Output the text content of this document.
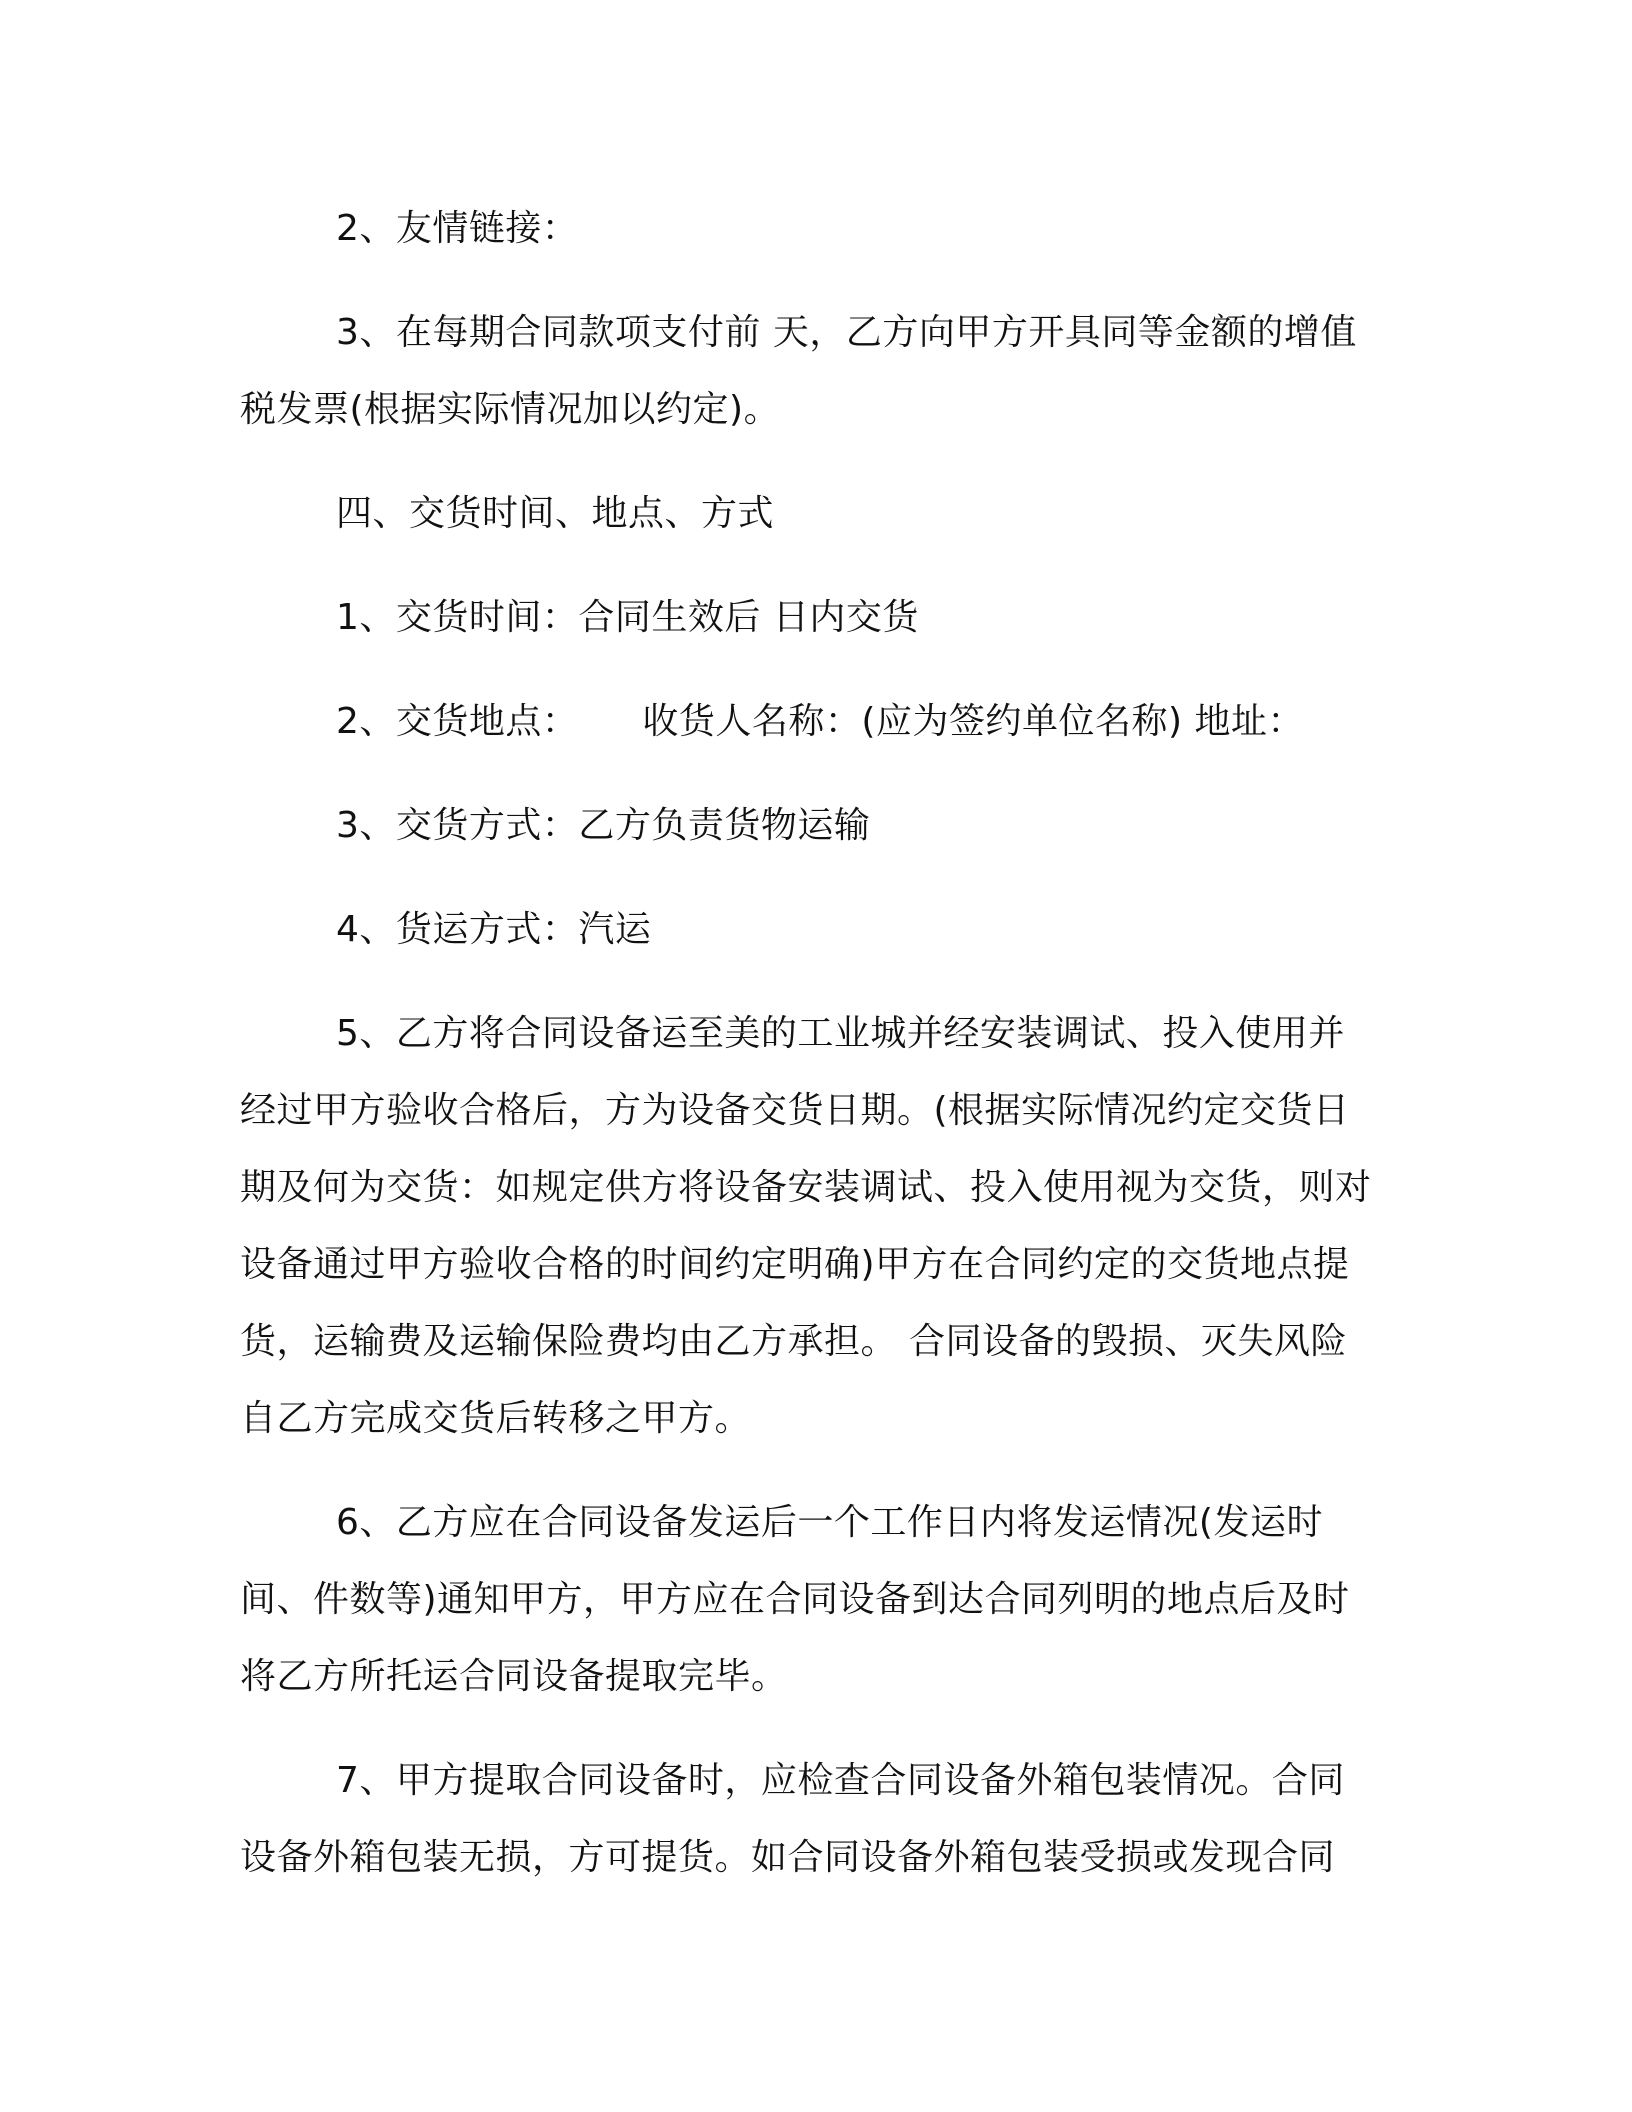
2、友情链接：

3、在每期合同款项支付前 天，乙方向甲方开具同等金额的增值税发票(根据实际情况加以约定)。

四、交货时间、地点、方式

1、交货时间：合同生效后 日内交货

2、交货地点： 收货人名称：(应为签约单位名称) 地址：

3、交货方式：乙方负责货物运输

4、货运方式：汽运

5、乙方将合同设备运至美的工业城并经安装调试、投入使用并经过甲方验收合格后，方为设备交货日期。(根据实际情况约定交货日期及何为交货：如规定供方将设备安装调试、投入使用视为交货，则对设备通过甲方验收合格的时间约定明确)甲方在合同约定的交货地点提货，运输费及运输保险费均由乙方承担。 合同设备的毁损、灭失风险自乙方完成交货后转移之甲方。

6、乙方应在合同设备发运后一个工作日内将发运情况(发运时间、件数等)通知甲方，甲方应在合同设备到达合同列明的地点后及时将乙方所托运合同设备提取完毕。

7、甲方提取合同设备时，应检查合同设备外箱包装情况。合同设备外箱包装无损，方可提货。如合同设备外箱包装受损或发现合同
